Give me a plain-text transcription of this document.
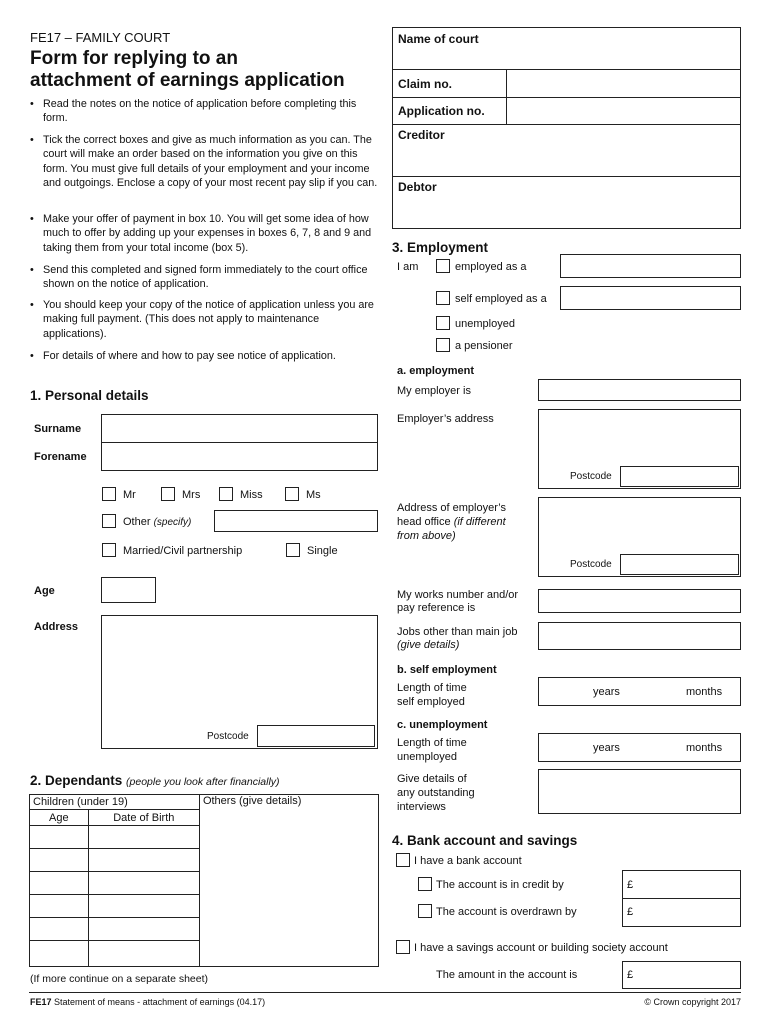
FE17 – FAMILY COURT
Form for replying to an
attachment of earnings application
• Read the notes on the notice of application before completing this form.
• Tick the correct boxes and give as much information as you can. The court will make an order based on the information you give on this form. You must give full details of your employment and your income and outgoings. Enclose a copy of your most recent pay slip if you can.
• Make your offer of payment in box 10. You will get some idea of how much to offer by adding up your expenses in boxes 6, 7, 8 and 9 and taking them from your total income (box 5).
• Send this completed and signed form immediately to the court office shown on the notice of application.
• You should keep your copy of the notice of application unless you are making full payment. (This does not apply to maintenance applications).
• For details of where and how to pay see notice of application.
Name of court
Claim no.
Application no.
Creditor
Debtor
1. Personal details
Surname
Forename
Mr	Mrs	Miss	Ms
Other (specify)
Married/Civil partnership	Single
Age
Address
Postcode
2. Dependants (people you look after financially)
Children (under 19)		Others (give details)
Age	Date of Birth	

(If more continue on a separate sheet)
3. Employment
I am	employed as a
self employed as a
unemployed
a pensioner
a. employment
My employer is
Employer’s address
Postcode
Address of employer’s
head office (if different
from above)
Postcode
My works number and/or
pay reference is
Jobs other than main job
(give details)
b. self employment
Length of time
self employed
years	months
c. unemployment
Length of time
unemployed
years	months
Give details of
any outstanding
interviews
4. Bank account and savings
I have a bank account
The account is in credit by	£
The account is overdrawn by	£
I have a savings account or building society account
The amount in the account is	£
FE17 Statement of means - attachment of earnings (04.17)	© Crown copyright 2017
